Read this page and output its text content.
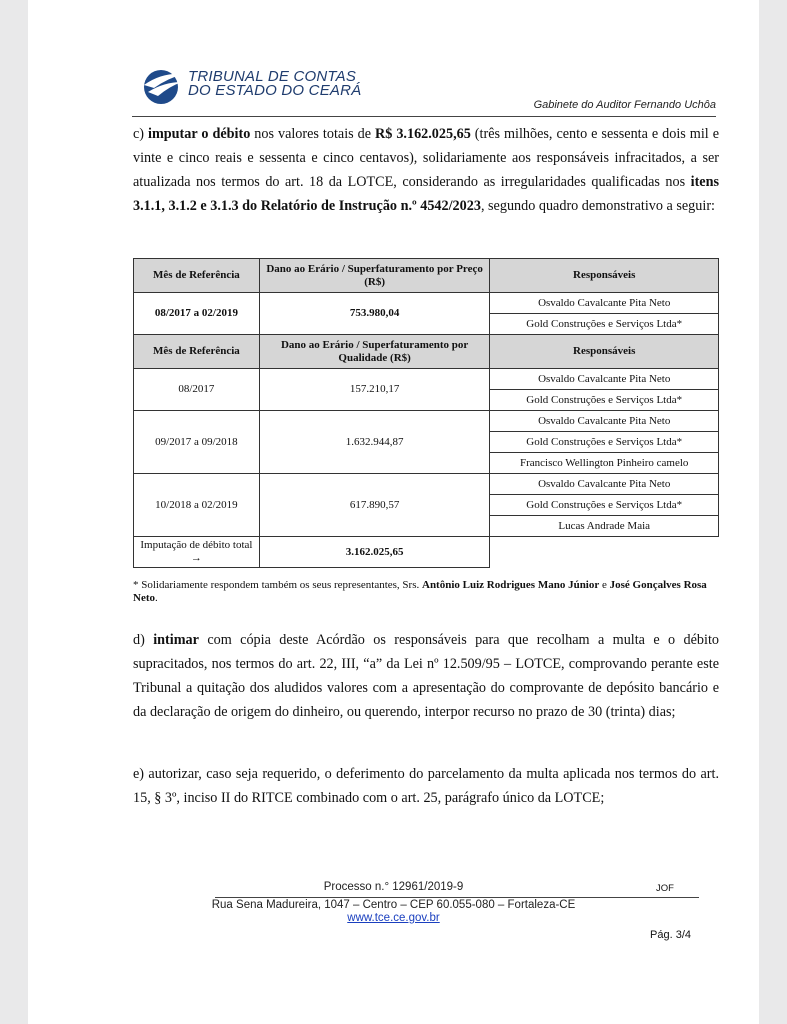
TRIBUNAL DE CONTAS
DO ESTADO DO CEARÁ
Gabinete do Auditor Fernando Uchôa
c) imputar o débito nos valores totais de R$ 3.162.025,65 (três milhões, cento e sessenta e dois mil e vinte e cinco reais e sessenta e cinco centavos), solidariamente aos responsáveis infracitados, a ser atualizada nos termos do art. 18 da LOTCE, considerando as irregularidades qualificadas nos itens 3.1.1, 3.1.2 e 3.1.3 do Relatório de Instrução n.º 4542/2023, segundo quadro demonstrativo a seguir:
Mês de Referência	Dano ao Erário / Superfaturamento por Preço (R$)	Responsáveis
08/2017 a 02/2019	753.980,04	Osvaldo Cavalcante Pita Neto
		Gold Construções e Serviços Ltda*
Mês de Referência	Dano ao Erário / Superfaturamento por Qualidade (R$)	Responsáveis
08/2017	157.210,17	Osvaldo Cavalcante Pita Neto
		Gold Construções e Serviços Ltda*
09/2017 a 09/2018	1.632.944,87	Osvaldo Cavalcante Pita Neto
		Gold Construções e Serviços Ltda*
		Francisco Wellington Pinheiro camelo
10/2018 a 02/2019	617.890,57	Osvaldo Cavalcante Pita Neto
		Gold Construções e Serviços Ltda*
		Lucas Andrade Maia
Imputação de débito total →	3.162.025,65	
* Solidariamente respondem também os seus representantes, Srs. Antônio Luiz Rodrigues Mano Júnior e José Gonçalves Rosa Neto.
d) intimar com cópia deste Acórdão os responsáveis para que recolham a multa e o débito supracitados, nos termos do art. 22, III, “a” da Lei nº 12.509/95 – LOTCE, comprovando perante este Tribunal a quitação dos aludidos valores com a apresentação do comprovante de depósito bancário e da declaração de origem do dinheiro, ou querendo, interpor recurso no prazo de 30 (trinta) dias;
e) autorizar, caso seja requerido, o deferimento do parcelamento da multa aplicada nos termos do art. 15, § 3º, inciso II do RITCE combinado com o art. 25, parágrafo único da LOTCE;
Processo n.° 12961/2019-9	JOF
Rua Sena Madureira, 1047 – Centro – CEP 60.055-080 – Fortaleza-CE
www.tce.ce.gov.br
Pág. 3/4
